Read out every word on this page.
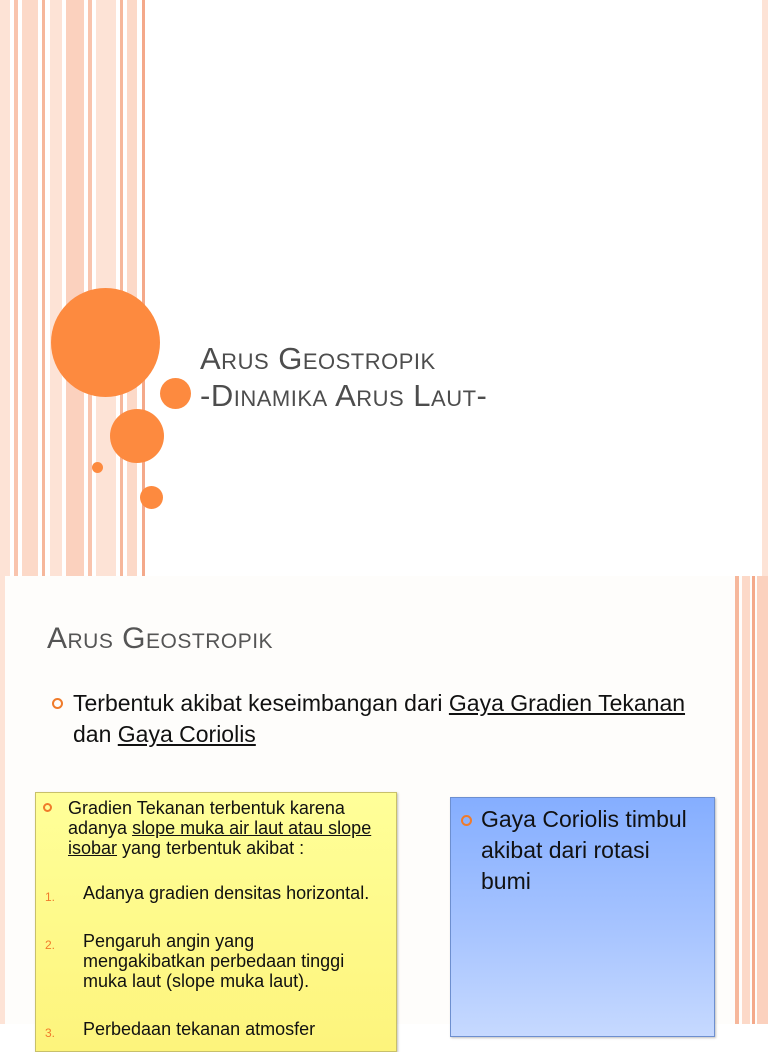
Arus Geostropik
-Dinamika Arus Laut-
Arus Geostropik
Terbentuk akibat keseimbangan dari Gaya Gradien Tekanan dan Gaya Coriolis
Gradien Tekanan terbentuk karena adanya slope muka air laut atau slope isobar yang terbentuk akibat :
1.	Adanya gradien densitas horizontal.
2.	Pengaruh angin yang mengakibatkan perbedaan tinggi muka laut (slope muka laut).
3.	Perbedaan tekanan atmosfer
Gaya Coriolis timbul akibat dari rotasi bumi
